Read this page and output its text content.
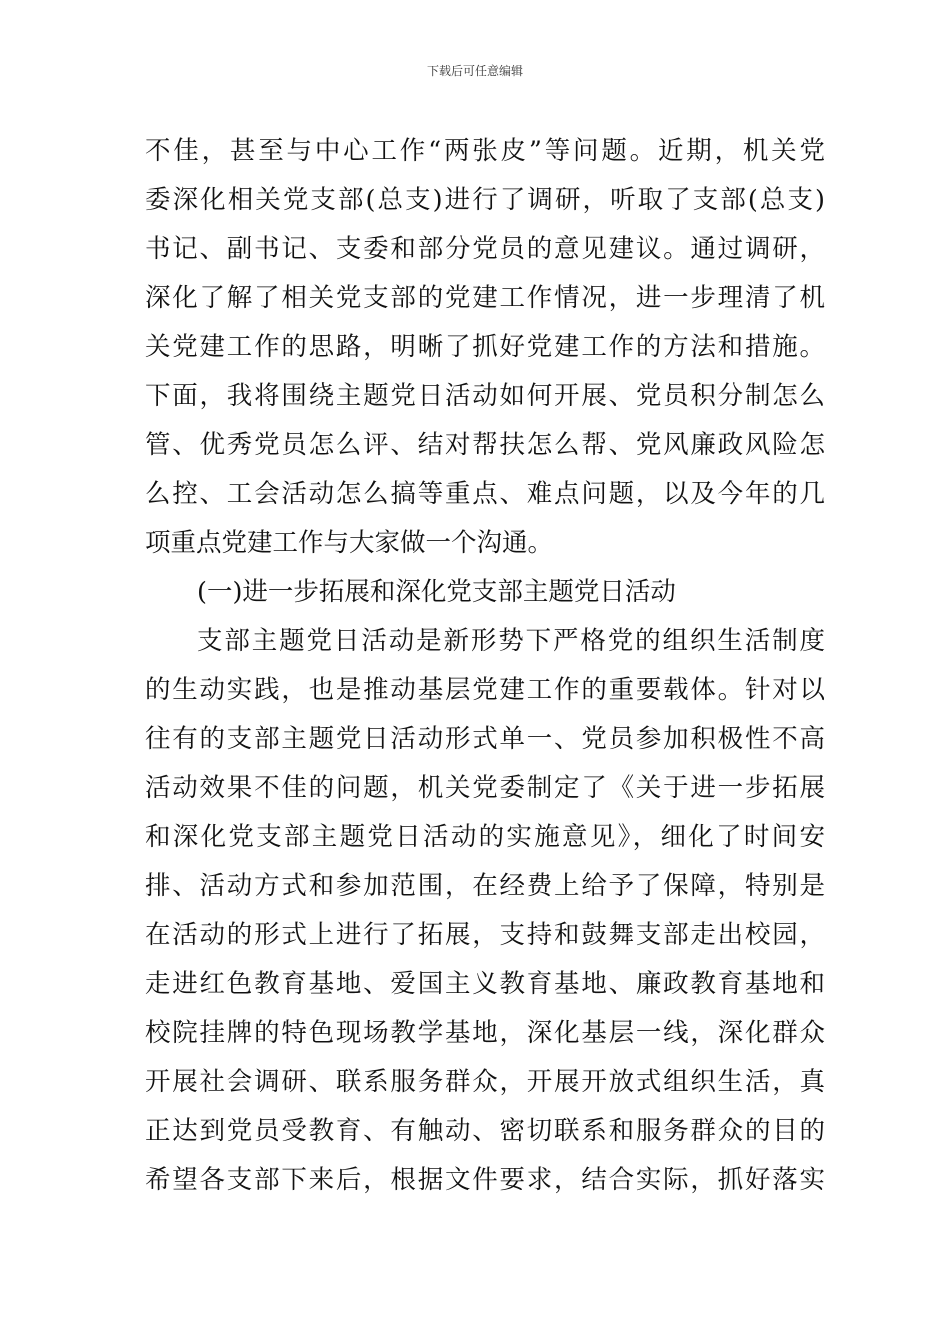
下载后可任意编辑
不佳，甚至与中心工作“两张皮”等问题。近期，机关党
委深化相关党支部(总支)进行了调研，听取了支部(总支)
书记、副书记、支委和部分党员的意见建议。通过调研，
深化了解了相关党支部的党建工作情况，进一步理清了机
关党建工作的思路，明晰了抓好党建工作的方法和措施。
下面，我将围绕主题党日活动如何开展、党员积分制怎么
管、优秀党员怎么评、结对帮扶怎么帮、党风廉政风险怎
么控、工会活动怎么搞等重点、难点问题，以及今年的几
项重点党建工作与大家做一个沟通。
(一)进一步拓展和深化党支部主题党日活动
支部主题党日活动是新形势下严格党的组织生活制度
的生动实践，也是推动基层党建工作的重要载体。针对以
往有的支部主题党日活动形式单一、党员参加积极性不高
活动效果不佳的问题，机关党委制定了《关于进一步拓展
和深化党支部主题党日活动的实施意见》，细化了时间安
排、活动方式和参加范围，在经费上给予了保障，特别是
在活动的形式上进行了拓展，支持和鼓舞支部走出校园，
走进红色教育基地、爱国主义教育基地、廉政教育基地和
校院挂牌的特色现场教学基地，深化基层一线，深化群众
开展社会调研、联系服务群众，开展开放式组织生活，真
正达到党员受教育、有触动、密切联系和服务群众的目的
希望各支部下来后，根据文件要求，结合实际，抓好落实
